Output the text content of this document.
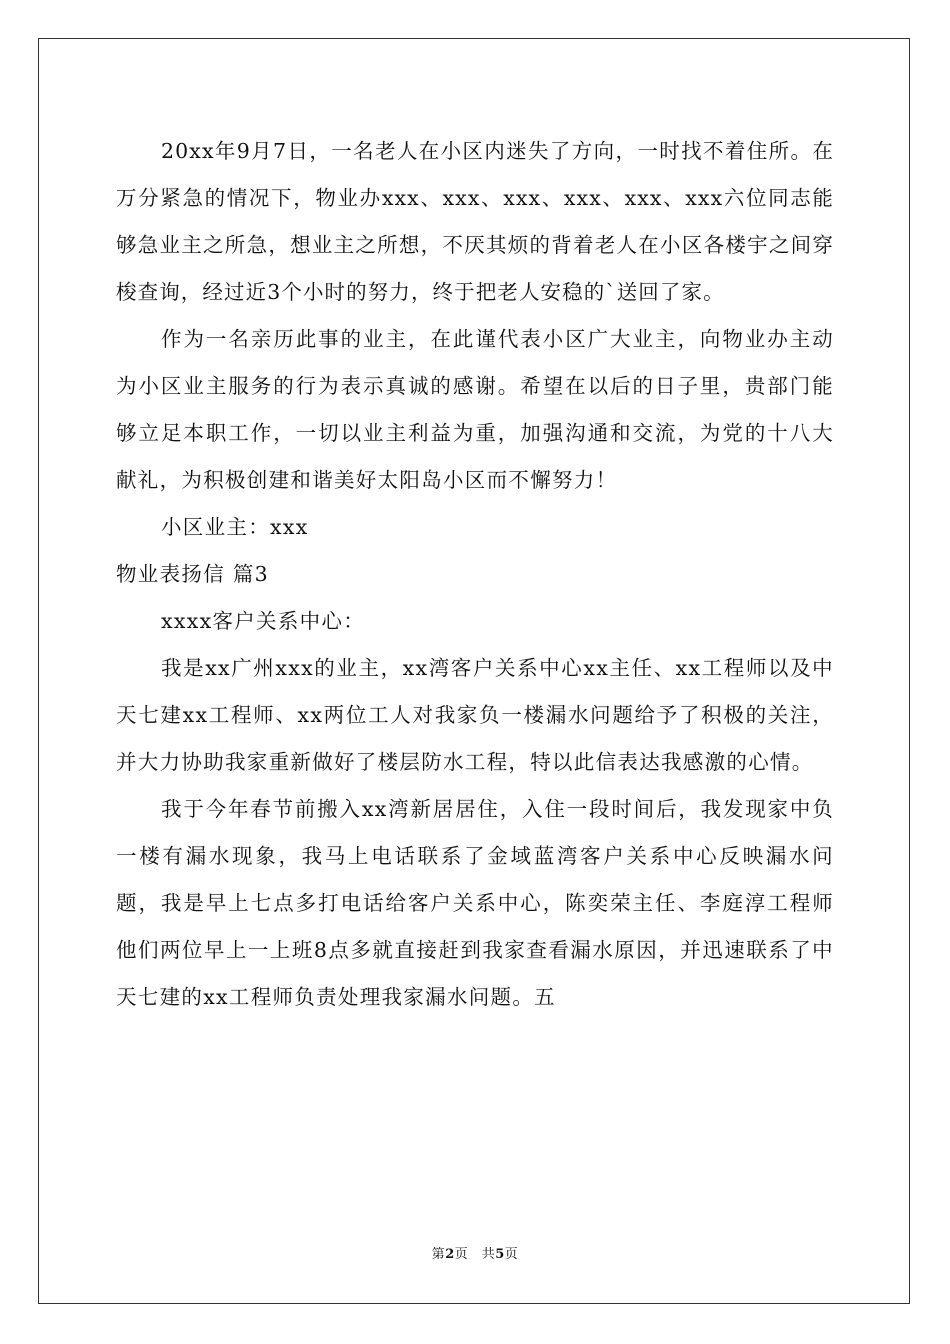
20xx年9月7日，一名老人在小区内迷失了方向，一时找不着住所。在万分紧急的情况下，物业办xxx、xxx、xxx、xxx、xxx、xxx六位同志能够急业主之所急，想业主之所想，不厌其烦的背着老人在小区各楼宇之间穿梭查询，经过近3个小时的努力，终于把老人安稳的`送回了家。

作为一名亲历此事的业主，在此谨代表小区广大业主，向物业办主动为小区业主服务的行为表示真诚的感谢。希望在以后的日子里，贵部门能够立足本职工作，一切以业主利益为重，加强沟通和交流，为党的十八大献礼，为积极创建和谐美好太阳岛小区而不懈努力！

小区业主：xxx

物业表扬信 篇3

xxxx客户关系中心：

我是xx广州xxx的业主，xx湾客户关系中心xx主任、xx工程师以及中天七建xx工程师、xx两位工人对我家负一楼漏水问题给予了积极的关注，并大力协助我家重新做好了楼层防水工程，特以此信表达我感激的心情。

我于今年春节前搬入xx湾新居居住，入住一段时间后，我发现家中负一楼有漏水现象，我马上电话联系了金域蓝湾客户关系中心反映漏水问题，我是早上七点多打电话给客户关系中心，陈奕荣主任、李庭淳工程师他们两位早上一上班8点多就直接赶到我家查看漏水原因，并迅速联系了中天七建的xx工程师负责处理我家漏水问题。五

第2页　共5页
